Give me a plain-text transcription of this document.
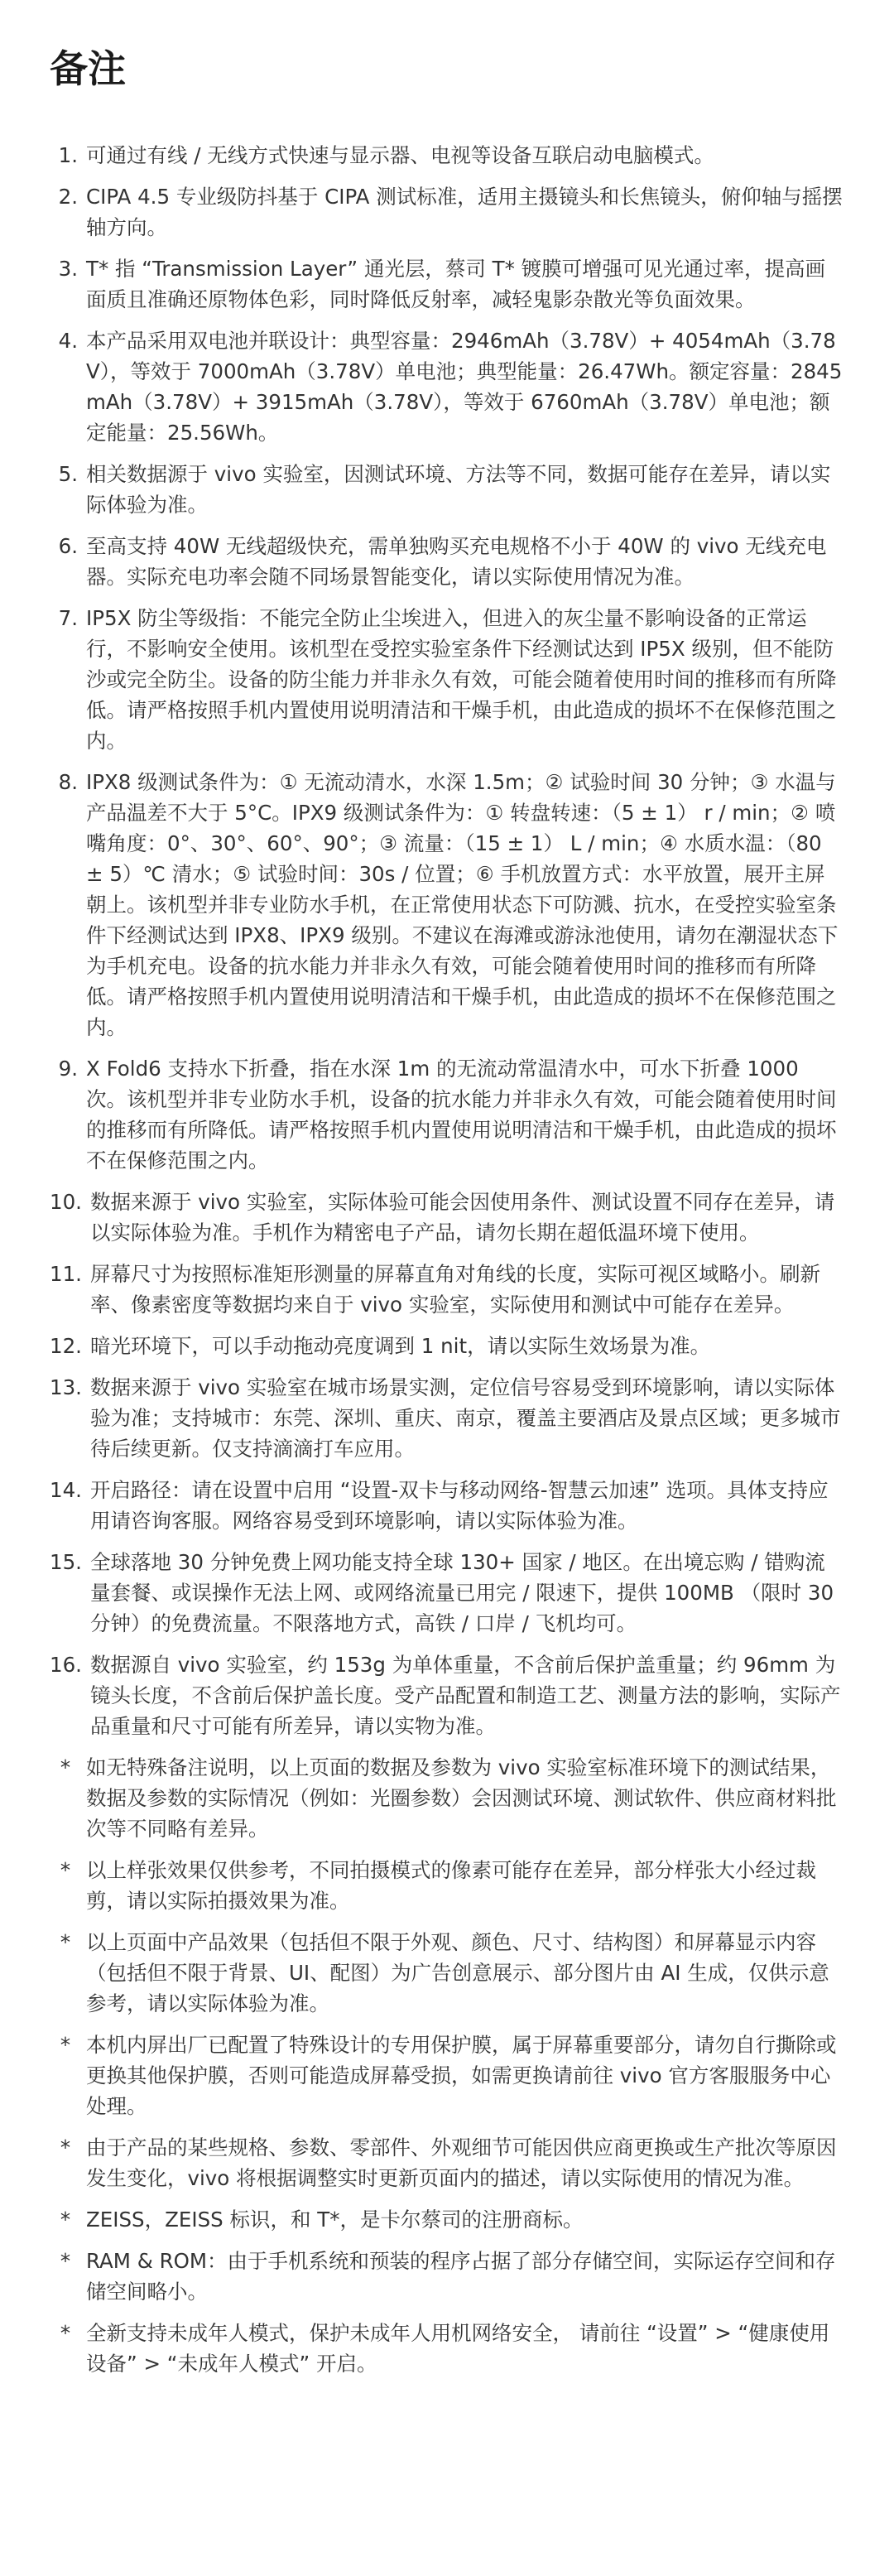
备注
1. 可通过有线 / 无线方式快速与显示器、电视等设备互联启动电脑模式。
2. CIPA 4.5 专业级防抖基于 CIPA 测试标准，适用主摄镜头和长焦镜头，俯仰轴与摇摆轴方向。
3. T* 指 “Transmission Layer” 通光层，蔡司 T* 镀膜可增强可见光通过率，提高画面质且准确还原物体色彩，同时降低反射率，减轻鬼影杂散光等负面效果。
4. 本产品采用双电池并联设计：典型容量：2946mAh（3.78V）+ 4054mAh（3.78V），等效于 7000mAh（3.78V）单电池；典型能量：26.47Wh。额定容量：2845mAh（3.78V）+ 3915mAh（3.78V），等效于 6760mAh（3.78V）单电池；额定能量：25.56Wh。
5. 相关数据源于 vivo 实验室，因测试环境、方法等不同，数据可能存在差异，请以实际体验为准。
6. 至高支持 40W 无线超级快充，需单独购买充电规格不小于 40W 的 vivo 无线充电器。实际充电功率会随不同场景智能变化，请以实际使用情况为准。
7. IP5X 防尘等级指：不能完全防止尘埃进入，但进入的灰尘量不影响设备的正常运行，不影响安全使用。该机型在受控实验室条件下经测试达到 IP5X 级别，但不能防沙或完全防尘。设备的防尘能力并非永久有效，可能会随着使用时间的推移而有所降低。请严格按照手机内置使用说明清洁和干燥手机，由此造成的损坏不在保修范围之内。
8. IPX8 级测试条件为：① 无流动清水，水深 1.5m；② 试验时间 30 分钟；③ 水温与产品温差不大于 5°C。IPX9 级测试条件为：① 转盘转速：（5 ± 1） r / min；② 喷嘴角度：0°、30°、60°、90°；③ 流量：（15 ± 1） L / min；④ 水质水温：（80 ± 5）℃ 清水；⑤ 试验时间：30s / 位置；⑥ 手机放置方式：水平放置，展开主屏朝上。该机型并非专业防水手机，在正常使用状态下可防溅、抗水，在受控实验室条件下经测试达到 IPX8、IPX9 级别。不建议在海滩或游泳池使用，请勿在潮湿状态下为手机充电。设备的抗水能力并非永久有效，可能会随着使用时间的推移而有所降低。请严格按照手机内置使用说明清洁和干燥手机，由此造成的损坏不在保修范围之内。
9. X Fold6 支持水下折叠，指在水深 1m 的无流动常温清水中，可水下折叠 1000 次。该机型并非专业防水手机，设备的抗水能力并非永久有效，可能会随着使用时间的推移而有所降低。请严格按照手机内置使用说明清洁和干燥手机，由此造成的损坏不在保修范围之内。
10. 数据来源于 vivo 实验室，实际体验可能会因使用条件、测试设置不同存在差异，请以实际体验为准。手机作为精密电子产品，请勿长期在超低温环境下使用。
11. 屏幕尺寸为按照标准矩形测量的屏幕直角对角线的长度，实际可视区域略小。刷新率、像素密度等数据均来自于 vivo 实验室，实际使用和测试中可能存在差异。
12. 暗光环境下，可以手动拖动亮度调到 1 nit，请以实际生效场景为准。
13. 数据来源于 vivo 实验室在城市场景实测，定位信号容易受到环境影响，请以实际体验为准；支持城市：东莞、深圳、重庆、南京，覆盖主要酒店及景点区域；更多城市待后续更新。仅支持滴滴打车应用。
14. 开启路径：请在设置中启用 “设置-双卡与移动网络-智慧云加速” 选项。具体支持应用请咨询客服。网络容易受到环境影响，请以实际体验为准。
15. 全球落地 30 分钟免费上网功能支持全球 130+ 国家 / 地区。在出境忘购 / 错购流量套餐、或误操作无法上网、或网络流量已用完 / 限速下，提供 100MB （限时 30 分钟）的免费流量。不限落地方式，高铁 / 口岸 / 飞机均可。
16. 数据源自 vivo 实验室，约 153g 为单体重量，不含前后保护盖重量；约 96mm 为镜头长度，不含前后保护盖长度。受产品配置和制造工艺、测量方法的影响，实际产品重量和尺寸可能有所差异，请以实物为准。
* 如无特殊备注说明，以上页面的数据及参数为 vivo 实验室标准环境下的测试结果，数据及参数的实际情况（例如：光圈参数）会因测试环境、测试软件、供应商材料批次等不同略有差异。
* 以上样张效果仅供参考，不同拍摄模式的像素可能存在差异，部分样张大小经过裁剪，请以实际拍摄效果为准。
* 以上页面中产品效果（包括但不限于外观、颜色、尺寸、结构图）和屏幕显示内容（包括但不限于背景、UI、配图）为广告创意展示、部分图片由 AI 生成，仅供示意参考，请以实际体验为准。
* 本机内屏出厂已配置了特殊设计的专用保护膜，属于屏幕重要部分，请勿自行撕除或更换其他保护膜，否则可能造成屏幕受损，如需更换请前往 vivo 官方客服服务中心处理。
* 由于产品的某些规格、参数、零部件、外观细节可能因供应商更换或生产批次等原因发生变化，vivo 将根据调整实时更新页面内的描述，请以实际使用的情况为准。
* ZEISS，ZEISS 标识，和 T*，是卡尔蔡司的注册商标。
* RAM & ROM：由于手机系统和预装的程序占据了部分存储空间，实际运存空间和存储空间略小。
* 全新支持未成年人模式，保护未成年人用机网络安全， 请前往 “设置” > “健康使用设备” > “未成年人模式” 开启。
